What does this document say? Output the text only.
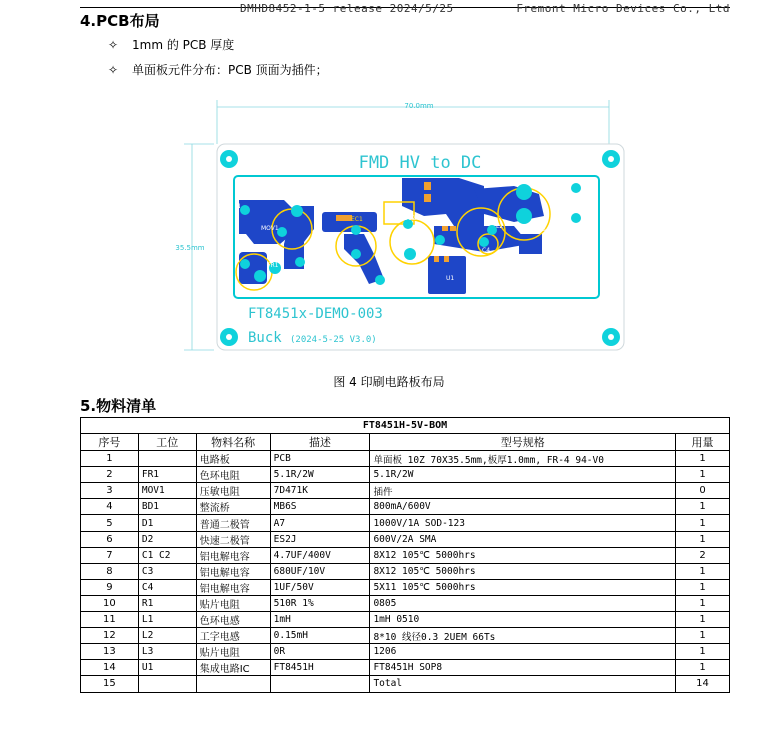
DMHD8452-1-5 release 2024/5/25	Fremont Micro Devices Co., Ltd
4.PCB布局
✧ 1mm 的 PCB 厚度
✧ 单面板元件分布：PCB 顶面为插件；
70.0mm
35.5mm
FMD HV to DC
MOV1
FR1
EC1	EC2
EC3
EC4
L1
L2
D1
U1
N
L
-
+
C4
FT8451x-DEMO-003
Buck (2024-5-25 V3.0)
图 4 印刷电路板布局
5.物料清单
FT8451H-5V-BOM					
序号	工位	物料名称	描述	型号规格	用量
1		电路板	PCB	单面板 10Z 70X35.5mm,板厚1.0mm, FR-4 94-V0	1
2	FR1	色环电阻	5.1R/2W	5.1R/2W	1
3	MOV1	压敏电阻	7D471K	插件	0
4	BD1	整流桥	MB6S	800mA/600V	1
5	D1	普通二极管	A7	1000V/1A SOD-123	1
6	D2	快速二极管	ES2J	600V/2A SMA	1
7	C1 C2	铝电解电容	4.7UF/400V	8X12 105℃ 5000hrs	2
8	C3	铝电解电容	680UF/10V	8X12 105℃ 5000hrs	1
9	C4	铝电解电容	1UF/50V	5X11 105℃ 5000hrs	1
10	R1	贴片电阻	510R 1%	0805	1
11	L1	色环电感	1mH	1mH 0510	1
12	L2	工字电感	0.15mH	8*10 线径0.3 2UEM 66Ts	1
13	L3	贴片电阻	0R	1206	1
14	U1	集成电路IC	FT8451H	FT8451H SOP8	1
15				Total	14
